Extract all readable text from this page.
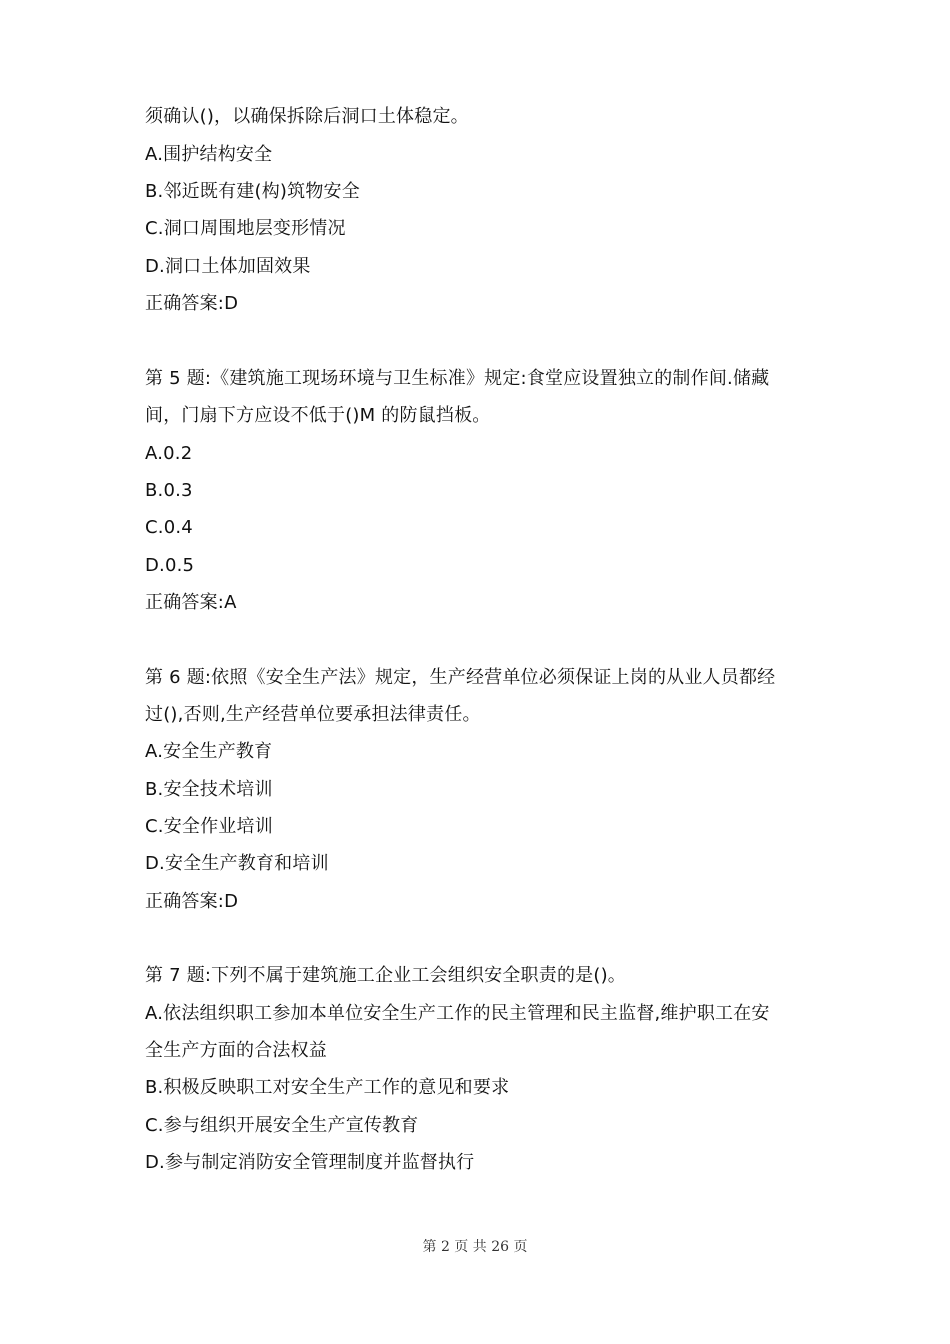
须确认()，以确保拆除后洞口土体稳定。
A.围护结构安全
B.邻近既有建(构)筑物安全
C.洞口周围地层变形情况
D.洞口土体加固效果
正确答案:D
第 5 题:《建筑施工现场环境与卫生标准》规定:食堂应设置独立的制作间.储藏
间，门扇下方应设不低于()M 的防鼠挡板。
A.0.2
B.0.3
C.0.4
D.0.5
正确答案:A
第 6 题:依照《安全生产法》规定，生产经营单位必须保证上岗的从业人员都经
过(),否则,生产经营单位要承担法律责任。
A.安全生产教育
B.安全技术培训
C.安全作业培训
D.安全生产教育和培训
正确答案:D
第 7 题:下列不属于建筑施工企业工会组织安全职责的是()。
A.依法组织职工参加本单位安全生产工作的民主管理和民主监督,维护职工在安
全生产方面的合法权益
B.积极反映职工对安全生产工作的意见和要求
C.参与组织开展安全生产宣传教育
D.参与制定消防安全管理制度并监督执行
第 2 页 共 26 页
